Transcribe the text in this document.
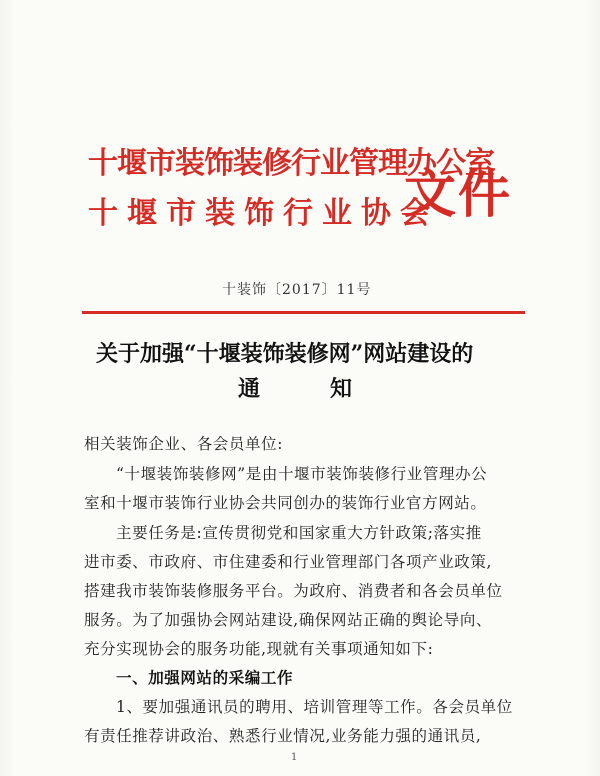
十堰市装饰装修行业管理办公室
十堰市装饰行业协会
文件
十装饰〔2017〕11号
关于加强“十堰装饰装修网”网站建设的
通	知
相关装饰企业、各会员单位:
“十堰装饰装修网”是由十堰市装饰装修行业管理办公
室和十堰市装饰行业协会共同创办的装饰行业官方网站。
主要任务是:宣传贯彻党和国家重大方针政策;落实推
进市委、市政府、市住建委和行业管理部门各项产业政策,
搭建我市装饰装修服务平台。为政府、消费者和各会员单位
服务。为了加强协会网站建设,确保网站正确的舆论导向、
充分实现协会的服务功能,现就有关事项通知如下:
一、加强网站的采编工作
1、要加强通讯员的聘用、培训管理等工作。各会员单位
有责任推荐讲政治、熟悉行业情况,业务能力强的通讯员,
1
